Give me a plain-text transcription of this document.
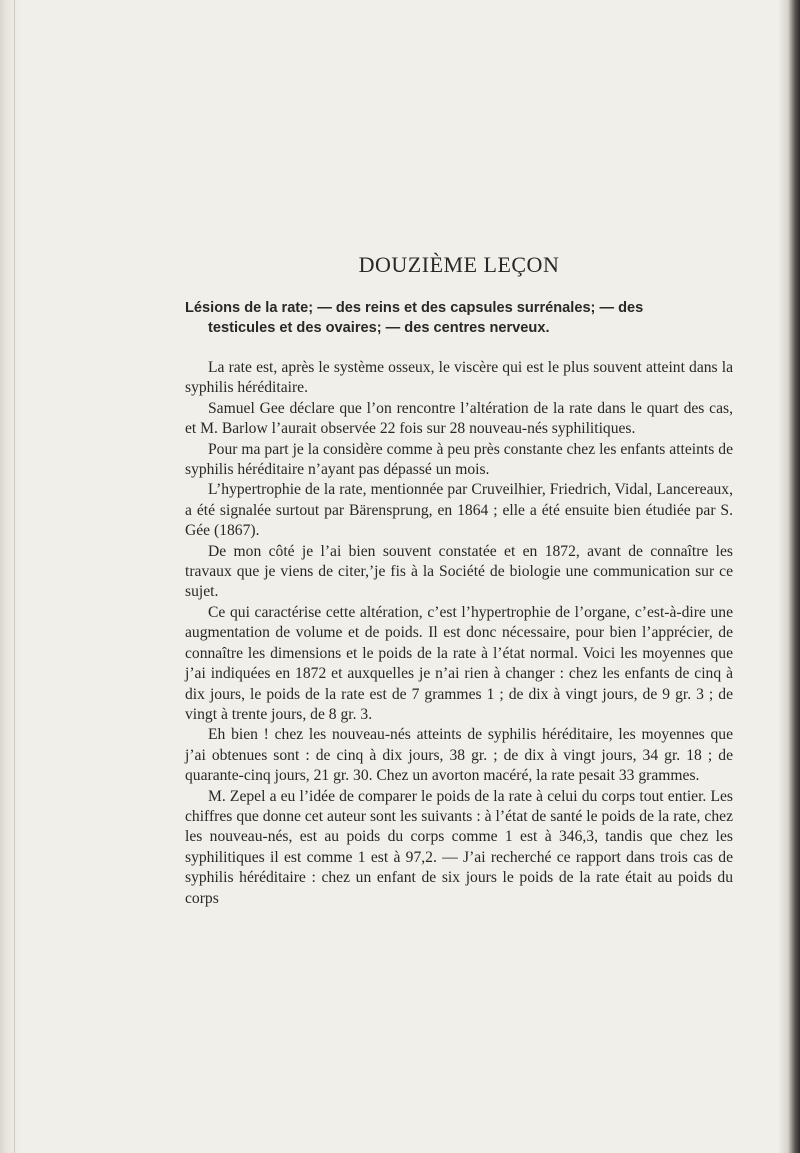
DOUZIÈME LEÇON
Lésions de la rate; — des reins et des capsules surrénales; — des
testicules et des ovaires; — des centres nerveux.

La rate est, après le système osseux, le viscère qui est le plus souvent atteint dans la syphilis héréditaire.

Samuel Gee déclare que l’on rencontre l’altération de la rate dans le quart des cas, et M. Barlow l’aurait observée 22 fois sur 28 nouveau-nés syphilitiques.

Pour ma part je la considère comme à peu près constante chez les enfants atteints de syphilis héréditaire n’ayant pas dépassé un mois.

L’hypertrophie de la rate, mentionnée par Cruveilhier, Friedrich, Vidal, Lancereaux, a été signalée surtout par Bärensprung, en 1864 ; elle a été ensuite bien étudiée par S. Gée (1867).

De mon côté je l’ai bien souvent constatée et en 1872, avant de connaître les travaux que je viens de citer,’je fis à la Société de biologie une communication sur ce sujet.

Ce qui caractérise cette altération, c’est l’hypertrophie de l’organe, c’est-à-dire une augmentation de volume et de poids. Il est donc nécessaire, pour bien l’apprécier, de connaître les dimensions et le poids de la rate à l’état normal. Voici les moyennes que j’ai indiquées en 1872 et auxquelles je n’ai rien à changer : chez les enfants de cinq à dix jours, le poids de la rate est de 7 grammes 1 ; de dix à vingt jours, de 9 gr. 3 ; de vingt à trente jours, de 8 gr. 3.

Eh bien ! chez les nouveau-nés atteints de syphilis héréditaire, les moyennes que j’ai obtenues sont : de cinq à dix jours, 38 gr. ; de dix à vingt jours, 34 gr. 18 ; de quarante-cinq jours, 21 gr. 30. Chez un avorton macéré, la rate pesait 33 grammes.

M. Zepel a eu l’idée de comparer le poids de la rate à celui du corps tout entier. Les chiffres que donne cet auteur sont les suivants : à l’état de santé le poids de la rate, chez les nouveau-nés, est au poids du corps comme 1 est à 346,3, tandis que chez les syphilitiques il est comme 1 est à 97,2. — J’ai recherché ce rapport dans trois cas de syphilis héréditaire : chez un enfant de six jours le poids de la rate était au poids du corps
